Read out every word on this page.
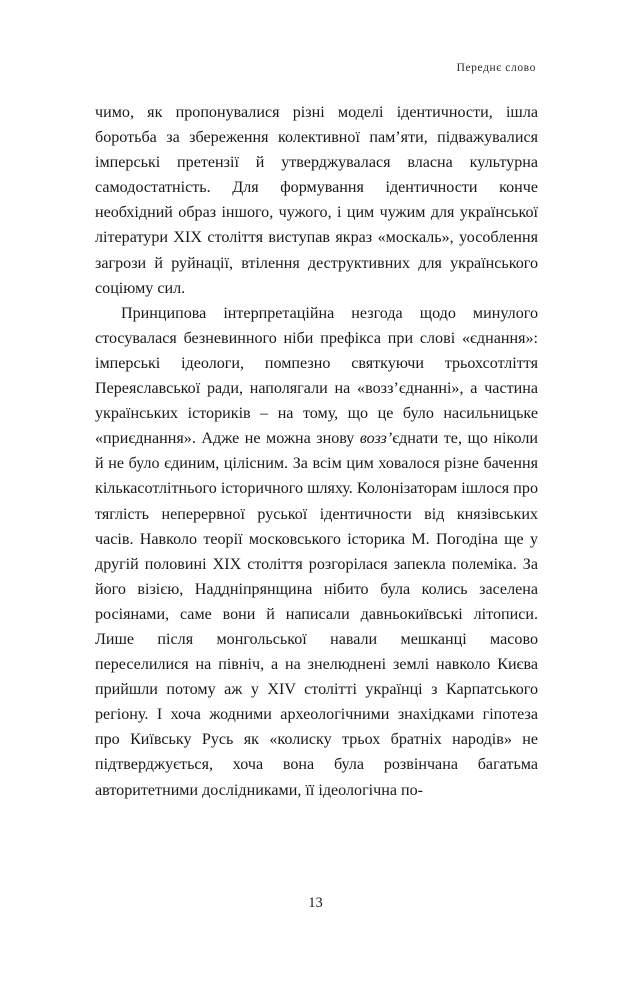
Переднє слово

чимо, як пропонувалися різні моделі ідентичности, ішла боротьба за збереження колективної пам’яти, підважувалися імперські претензії й утверджувалася власна культурна самодостатність. Для формування ідентичности конче необхідний образ іншого, чужого, і цим чужим для української літератури XIX століття виступав якраз «москаль», уособлення загрози й руйнації, втілення деструктивних для українського соціюму сил.

Принципова інтерпретаційна незгода щодо минулого стосувалася безневинного ніби префікса при слові «єднання»: імперські ідеологи, помпезно святкуючи трьохсотліття Переяславської ради, наполягали на «возз’єднанні», а частина українських істориків – на тому, що це було насильницьке «приєднання». Адже не можна знову возз’єднати те, що ніколи й не було єдиним, цілісним. За всім цим ховалося різне бачення кількасотлітнього історичного шляху. Колонізаторам ішлося про тяглість неперервної руської ідентичности від князівських часів. Навколо теорії московського історика М. Погодіна ще у другій половині XIX століття розгорілася запекла полеміка. За його візією, Наддніпрянщина нібито була колись заселена росіянами, саме вони й написали давньокиївські літописи. Лише після монгольської навали мешканці масово переселилися на північ, а на знелюднені землі навколо Києва прийшли потому аж у XIV столітті українці з Карпатського регіону. І хоча жодними археологічними знахідками гіпотеза про Київську Русь як «колиску трьох братніх народів» не підтверджується, хоча вона була розвінчана багатьма авторитетними дослідниками, її ідеологічна по-

13
